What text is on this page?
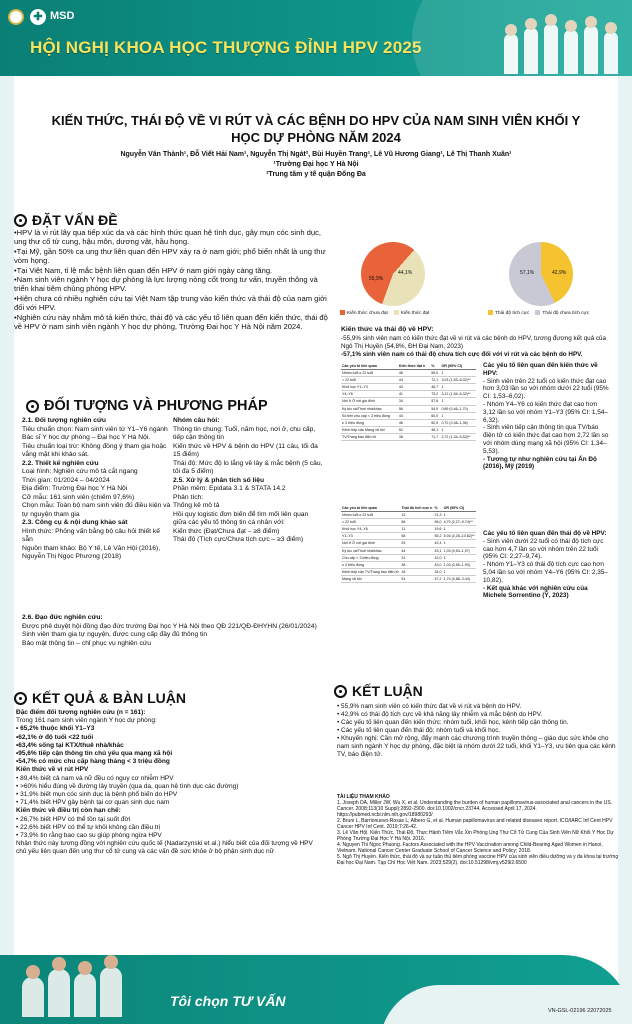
✚ MSD
HỘI NGHỊ KHOA HỌC THƯỢNG ĐỈNH HPV 2025
KIẾN THỨC, THÁI ĐỘ VỀ VI RÚT VÀ CÁC BỆNH DO HPV CỦA NAM SINH VIÊN KHỐI Y HỌC DỰ PHÒNG NĂM 2024
Nguyễn Văn Thành¹, Đỗ Viết Hải Nam¹, Nguyễn Thị Ngát², Bùi Huyền Trang¹, Lê Vũ Hương Giang¹, Lê Thị Thanh Xuân¹
¹Trường Đại học Y Hà Nội
²Trung tâm y tế quận Đống Đa
ĐẶT VẤN ĐỀ
•HPV là vi rút lây qua tiếp xúc da và các hình thức quan hệ tình dục, gây mụn cóc sinh dục, ung thư cổ tử cung, hậu môn, dương vật, hầu họng.
•Tại Mỹ, gần 50% ca ung thư liên quan đến HPV xảy ra ở nam giới; phổ biến nhất là ung thư vòm họng.
•Tại Việt Nam, tỉ lệ mắc bệnh liên quan đến HPV ở nam giới ngày càng tăng.
•Nam sinh viên ngành Y học dự phòng là lực lượng nòng cốt trong tư vấn, truyền thông và triển khai tiêm chủng phòng HPV.
•Hiện chưa có nhiều nghiên cứu tại Việt Nam tập trung vào kiến thức và thái độ của nam giới đối với HPV.
•Nghiên cứu này nhằm mô tả kiến thức, thái độ và các yếu tố liên quan đến kiến thức, thái độ về HPV ở nam sinh viên ngành Y học dự phòng, Trường Đại học Y Hà Nội năm 2024.
55,9%
44,1%
Kiến thức chưa đạt	Kiến thức đạt
57,1%	42,9%
Thái độ tích cực	Thái độ chưa tích cực
Kiến thức và thái độ về HPV:
-55,9% sinh viên nam có kiến thức đạt về vi rút và các bệnh do HPV, tương đương kết quả của Ngô Thị Huyền (54,8%, ĐH Đại Nam, 2023)
-57,1% sinh viên nam có thái độ chưa tích cực đối với vi rút và các bệnh do HPV.
Các yếu tố liên quan	Kiến thức đạt n	%	OR (95% CI)
Nhóm tuổi ≥ 22 tuổi	46	55,0	1
< 22 tuổi	44	72,1	3,03 (1,53–6,02)**
Khối học Y1–Y3	43	48,7	1
Y4–Y6	41	73,2	3,12 (1,54–6,32)**
Nơi ở Ở với gia đình	34	57,6	1
Ký túc xá/Thuê nhà/khác	56	54,9	0,89 (0,46–1,70)
Số tiền chu cấp < 3 triệu đồng	44	60,0	1
≥ 3 triệu đồng	46	52,0	0,72 (0,38–1,36)
Kênh tiếp cận Mạng xã hội	52	48,1	1
TV/Trang báo điện tử	38	71,7	2,72 (1,34–5,53)**
Các yếu tố liên quan đến kiến thức về HPV:
- Sinh viên trên 22 tuổi có kiến thức đạt cao hơn 3,03 lần so với nhóm dưới 22 tuổi (95% CI: 1,53–6,02).
- Nhóm Y4–Y6 có kiến thức đạt cao hơn 3,12 lần so với nhóm Y1–Y3 (95% CI: 1,54–6,32).
- Sinh viên tiếp cận thông tin qua TV/báo điện tử có kiến thức đạt cao hơn 2,72 lần so với nhóm dùng mạng xã hội (95% CI: 1,34–5,53).
- Tương tự như nghiên cứu tại Ấn Độ (2016), Mỹ (2019)
Các yếu tố liên quan	Thái độ tích cực n	%	OR (95% CI)
Nhóm tuổi ≥ 22 tuổi	13	21,3	1
< 22 tuổi	56	56,0	4,70 (2,27–9,74)**
Khối học Y4–Y6	11	19,6	1
Y1–Y3	58	55,2	5,04 (2,35–10,82)**
Nơi ở Ở với gia đình	25	42,4	1
Ký túc xá/Thuê nhà/khác	44	43,1	1,03 (0,54–1,97)
Chu cấp < 3 triệu đồng	31	42,0	1
≥ 3 triệu đồng	38	43,0	1,03 (0,55–1,93)
Kênh tiếp cận TV/Trang báo điện tử	18	34,0	1
Mạng xã hội	51	47,2	1,74 (0,88–3,44)
Các yếu tố liên quan đến thái độ về HPV:
- Sinh viên dưới 22 tuổi có thái độ tích cực cao hơn 4,7 lần so với nhóm trên 22 tuổi (95% CI: 2,27–9,74).
- Nhóm Y1–Y3 có thái độ tích cực cao hơn 5,04 lần so với nhóm Y4–Y6 (95% CI: 2,35–10,82).
- Kết quả khác với nghiên cứu của Michele Sorrentino (Ý, 2023)
ĐỐI TƯỢNG VÀ PHƯƠNG PHÁP
2.1. Đối tượng nghiên cứu
Tiêu chuẩn chọn: Nam sinh viên từ Y1–Y6 ngành Bác sĩ Y học dự phòng – Đại học Y Hà Nội.
Tiêu chuẩn loại trừ: Không đồng ý tham gia hoặc vắng mặt khi khảo sát.
2.2. Thiết kế nghiên cứu
Loại hình: Nghiên cứu mô tả cắt ngang
Thời gian: 01/2024 – 04/2024
Địa điểm: Trường Đại học Y Hà Nội
Cỡ mẫu: 161 sinh viên (chiếm 97,6%)
Chọn mẫu: Toàn bộ nam sinh viên đủ điều kiện và tự nguyện tham gia
2.3. Công cụ & nội dung khảo sát
Hình thức: Phỏng vấn bằng bộ câu hỏi thiết kế sẵn
Nguồn tham khảo: Bộ Y tế, Lê Văn Hội (2016), Nguyễn Thị Ngọc Phương (2018)
Nhóm câu hỏi:
Thông tin chung: Tuổi, năm học, nơi ở, chu cấp, tiếp cận thông tin
Kiến thức về HPV & bệnh do HPV (11 câu, tối đa 15 điểm)
Thái độ: Mức độ lo lắng về lây & mắc bệnh (5 câu, tối đa 5 điểm)
2.5. Xử lý & phân tích số liệu
Phần mềm: Epidata 3.1 & STATA 14.2
Phân tích:
Thống kê mô tả
Hồi quy logistic đơn biến để tìm mối liên quan giữa các yếu tố thông tin cá nhân với:
Kiến thức (Đạt/Chưa đạt – ≥8 điểm)
Thái độ (Tích cực/Chưa tích cực – ≥3 điểm)
2.6. Đạo đức nghiên cứu:
Được phê duyệt hội đồng đạo đức trường Đại học Y Hà Nội theo QĐ 221/QĐ-ĐHYHN (26/01/2024)
Sinh viên tham gia tự nguyện, được cung cấp đầy đủ thông tin
Bảo mật thông tin – chỉ phục vụ nghiên cứu
KẾT QUẢ & BÀN LUẬN
Đặc điểm đối tượng nghiên cứu (n = 161):
Trong 161 nam sinh viên ngành Y học dự phòng:
• 65,2% thuộc khối Y1–Y3
•62,1% ở độ tuổi <22 tuổi
•63,4% sống tại KTX/thuê nhà/khác
•95,6% tiếp cận thông tin chủ yếu qua mạng xã hội
•54,7% có mức chu cấp hàng tháng < 3 triệu đồng
Kiến thức về vi rút HPV
• 89,4% biết cả nam và nữ đều có nguy cơ nhiễm HPV
• >60% hiểu đúng về đường lây truyền (qua da, quan hệ tình dục các đường)
• 31,9% biết mụn cóc sinh dục là bệnh phổ biến do HPV
• 71,4% biết HPV gây bệnh tại cơ quan sinh dục nam
Kiến thức về điều trị còn hạn chế:
• 26,7% biết HPV có thể tồn tại suốt đời
• 22,6% biết HPV có thể tự khỏi không cần điều trị
• 73,9% tin rằng bao cao su giúp phòng ngừa HPV
Nhận thức này tương đồng với nghiên cứu quốc tế (Nadarzynski et al.) hiểu biết của đối tượng về HPV chủ yếu liên quan đến ung thư cổ tử cung và các vấn đề sức khỏe ở bộ phận sinh dục nữ
KẾT LUẬN
• 55,9% nam sinh viên có kiến thức đạt về vi rút và bệnh do HPV.
• 42,9% có thái độ tích cực về khả năng lây nhiễm và mắc bệnh do HPV.
• Các yếu tố liên quan đến kiến thức: nhóm tuổi, khối học, kênh tiếp cận thông tin.
• Các yếu tố liên quan đến thái độ: nhóm tuổi và khối học.
• Khuyến nghị: Cần mở rộng, đẩy mạnh các chương trình truyền thông – giáo dục sức khỏe cho nam sinh ngành Y học dự phòng, đặc biệt là nhóm dưới 22 tuổi, khối Y1–Y3, ưu tiên qua các kênh TV, báo điện tử.
TÀI LIỆU THAM KHẢO
1. Joseph DA, Miller JW, Wu X, et al. Understanding the burden of human papillomavirus-associated anal cancers in the US. Cancer. 2008;113(10 Suppl):2892-2900. doi:10.1002/cncr.23744. Accessed April 17, 2024. https://pubmed.ncbi.nlm.nih.gov/18980293/
2. Bruni L, Barrionuevo-Rosas L, Albero G, et al. Human papillomavirus and related diseases report. ICO/IARC Inf Cent HPV Cancer HPV Inf Cent. 2019;7:26-42.
3. Lê Văn Hội. Kiến Thức, Thái Độ, Thực Hành Tiêm Vắc Xin Phòng Ung Thư Cổ Tử Cung Của Sinh Viên Nữ Khối Y Học Dự Phòng Trường Đại Học Y Hà Nội. 2016.
4. Nguyen Thi Ngoc Phuong. Factors Associated with the HPV Vaccination among Child-Bearing Aged Women in Hanoi, Vietnam. National Cancer Center Graduate School of Cancer Science and Policy; 2018.
5. Ngô Thị Huyền. Kiến thức, thái độ và sự tuân thủ tiêm phòng vaccine HPV của sinh viên điều dưỡng và y đa khoa tại trường Đại học Đại Nam. Tạp Chí Học Việt Nam. 2023;529(2). doi:10.51298/vmj.v529i2.6500
Tôi chọn TƯ VẤN
VN-GSL-02196 22072025
